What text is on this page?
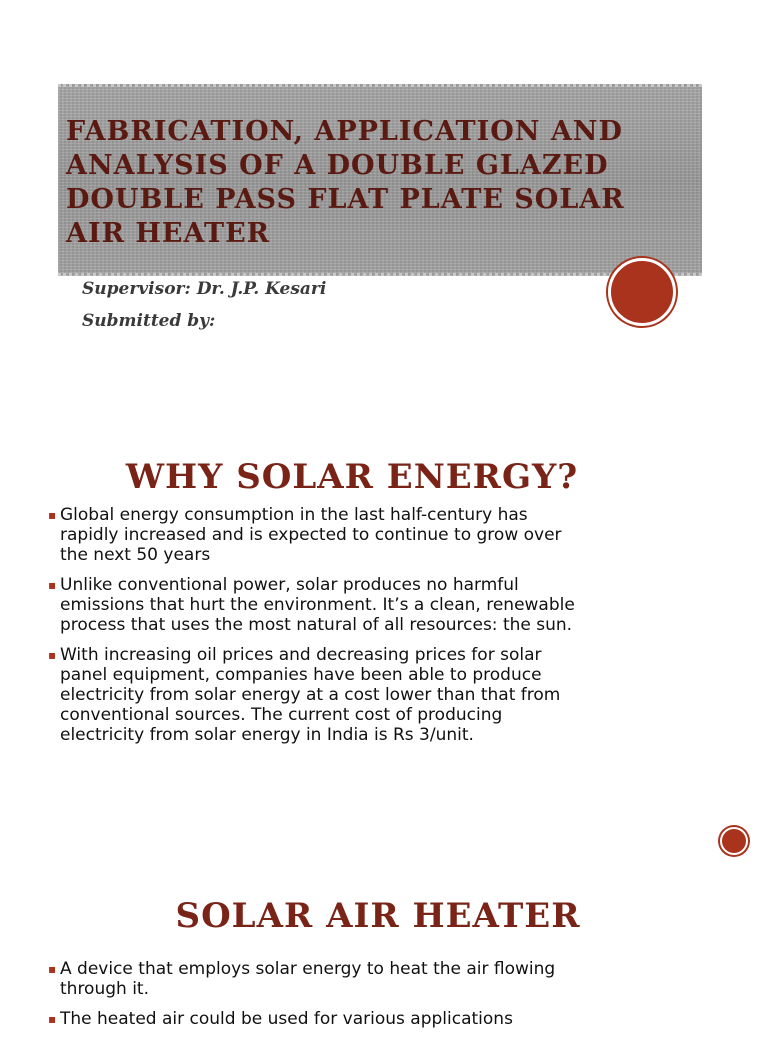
FABRICATION, APPLICATION AND ANALYSIS OF A DOUBLE GLAZED DOUBLE PASS FLAT PLATE SOLAR AIR HEATER

Supervisor: Dr. J.P. Kesari

Submitted by:

WHY SOLAR ENERGY?
▪ Global energy consumption in the last half-century has rapidly increased and is expected to continue to grow over the next 50 years
▪ Unlike conventional power, solar produces no harmful emissions that hurt the environment. It’s a clean, renewable process that uses the most natural of all resources: the sun.
▪ With increasing oil prices and decreasing prices for solar panel equipment, companies have been able to produce electricity from solar energy at a cost lower than that from conventional sources. The current cost of producing electricity from solar energy in India is Rs 3/unit.
SOLAR AIR HEATER
▪ A device that employs solar energy to heat the air flowing through it.
▪ The heated air could be used for various applications
